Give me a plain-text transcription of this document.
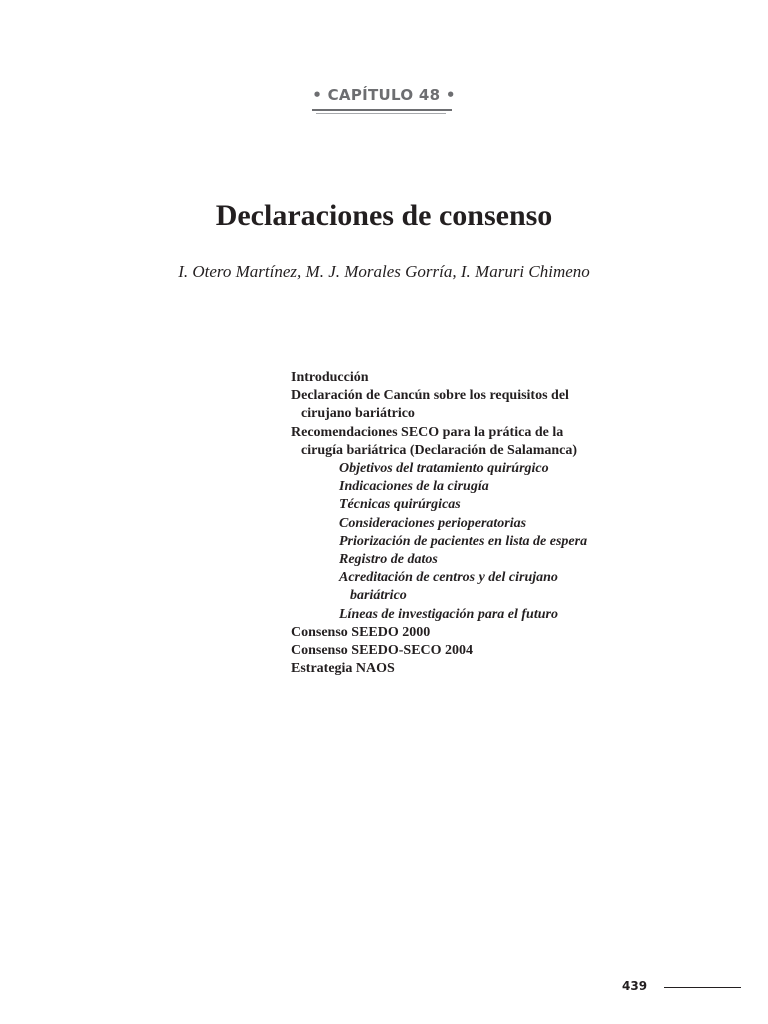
• CAPÍTULO 48 •
Declaraciones de consenso
I. Otero Martínez, M. J. Morales Gorría, I. Maruri Chimeno
Introducción
Declaración de Cancún sobre los requisitos del
cirujano bariátrico
Recomendaciones SECO para la prática de la
cirugía bariátrica (Declaración de Salamanca)
Objetivos del tratamiento quirúrgico
Indicaciones de la cirugía
Técnicas quirúrgicas
Consideraciones perioperatorias
Priorización de pacientes en lista de espera
Registro de datos
Acreditación de centros y del cirujano
bariátrico
Líneas de investigación para el futuro
Consenso SEEDO 2000
Consenso SEEDO-SECO 2004
Estrategia NAOS
439
